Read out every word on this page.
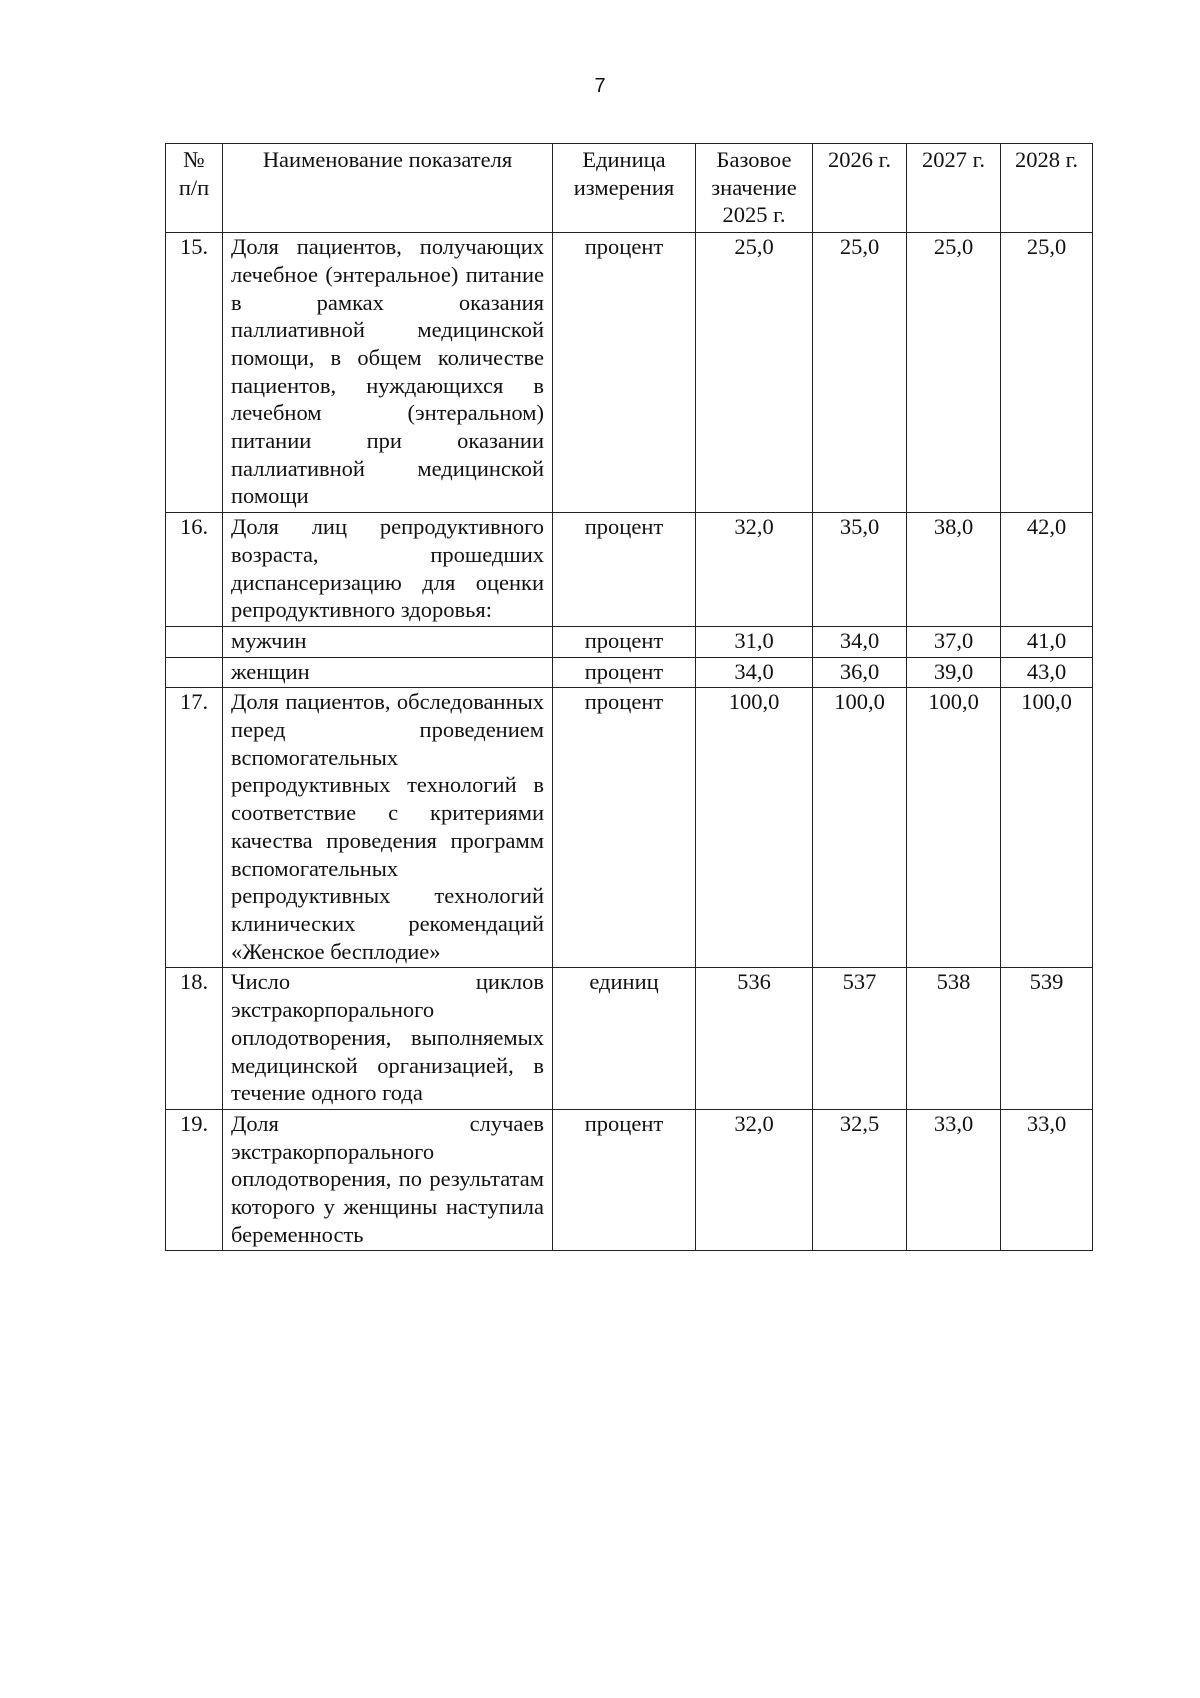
7
№ п/п	Наименование показателя	Единица измерения	Базовое значение 2025 г.	2026 г.	2027 г.	2028 г.
15.	Доля пациентов, получающих лечебное (энтеральное) питание в рамках оказания паллиативной медицинской помощи, в общем количестве пациентов, нуждающихся в лечебном (энтеральном) питании при оказании паллиативной медицинской помощи	процент	25,0	25,0	25,0	25,0
16.	Доля лиц репродуктивного возраста, прошедших диспансеризацию для оценки репродуктивного здоровья:	процент	32,0	35,0	38,0	42,0
	мужчин	процент	31,0	34,0	37,0	41,0
	женщин	процент	34,0	36,0	39,0	43,0
17.	Доля пациентов, обследованных перед проведением вспомогательных репродуктивных технологий в соответствие с критериями качества проведения программ вспомогательных репродуктивных технологий клинических рекомендаций «Женское бесплодие»	процент	100,0	100,0	100,0	100,0
18.	Число циклов экстракорпорального оплодотворения, выполняемых медицинской организацией, в течение одного года	единиц	536	537	538	539
19.	Доля случаев экстракорпорального оплодотворения, по результатам которого у женщины наступила беременность	процент	32,0	32,5	33,0	33,0
